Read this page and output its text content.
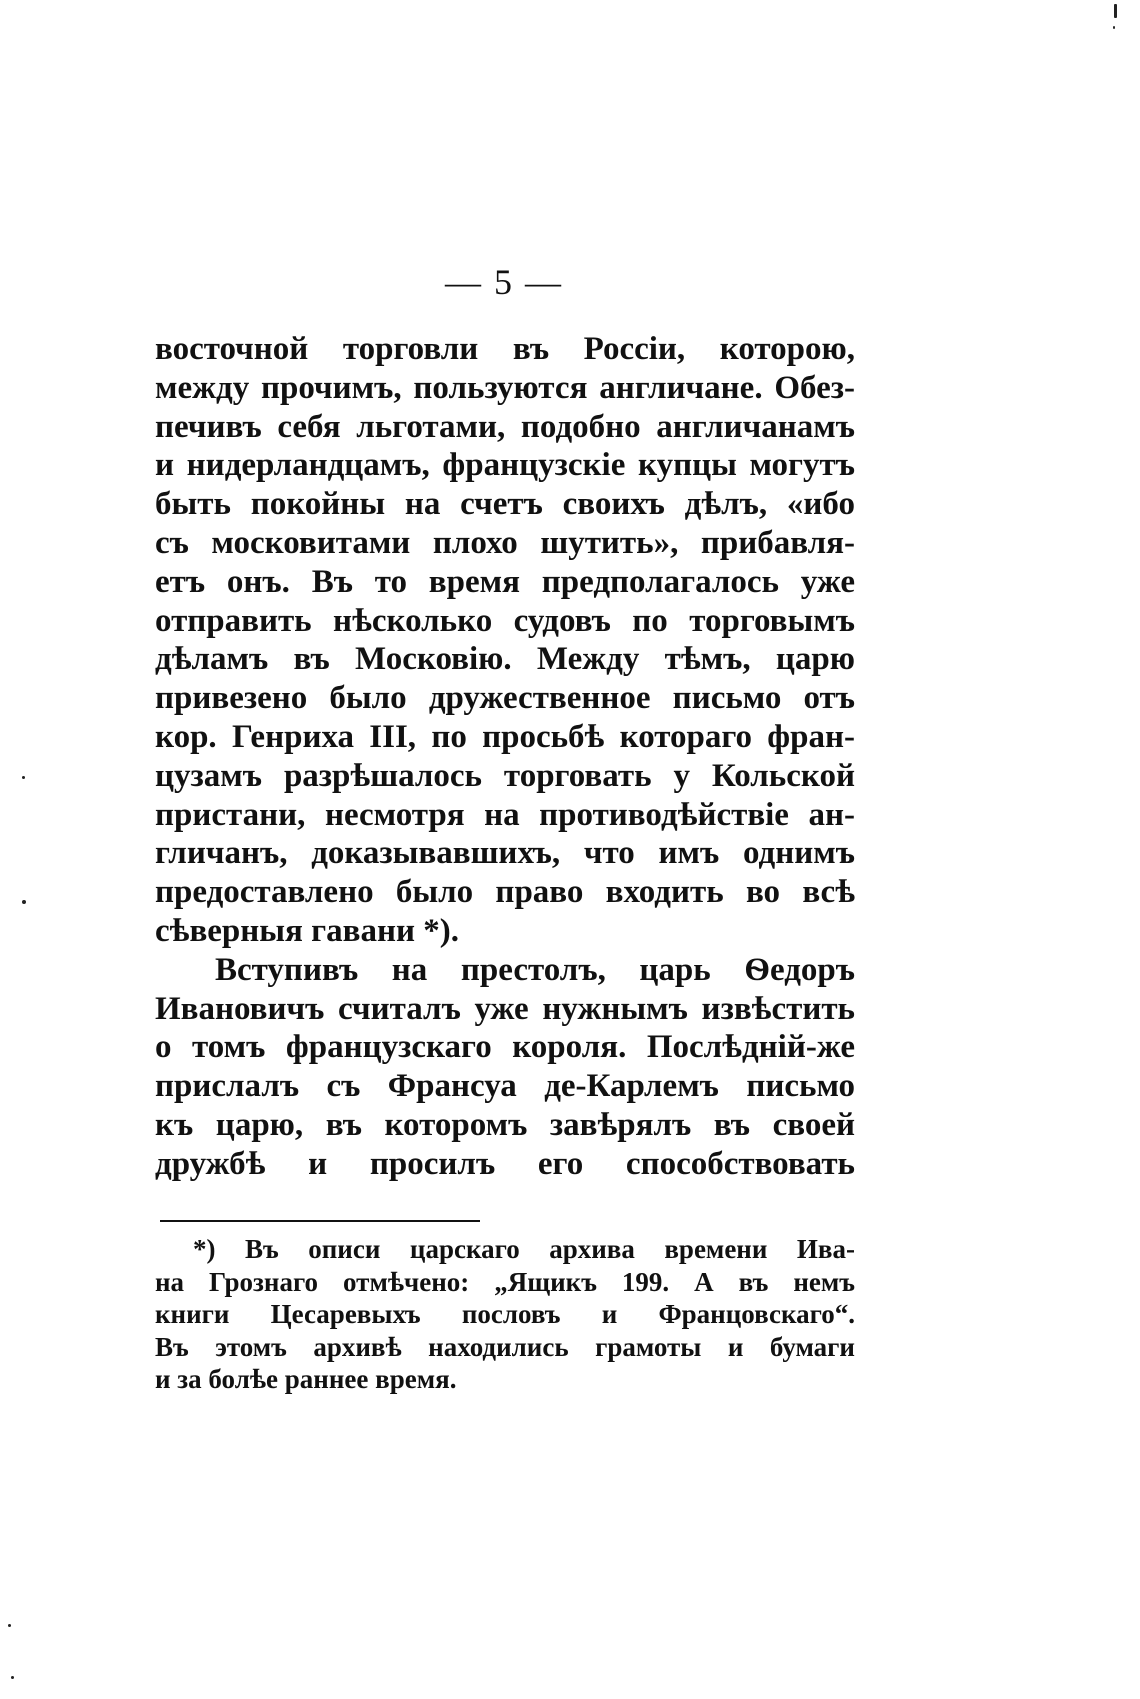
— 5 —
восточной торговли въ Россіи, которою,
между прочимъ, пользуются англичане. Обез-
печивъ себя льготами, подобно англичанамъ
и нидерландцамъ, французскіе купцы могутъ
быть покойны на счетъ своихъ дѣлъ, «ибо
съ московитами плохо шутить», прибавля-
етъ онъ. Въ то время предполагалось уже
отправить нѣсколько судовъ по торговымъ
дѣламъ въ Московію. Между тѣмъ, царю
привезено было дружественное письмо отъ
кор. Генриха III, по просьбѣ котораго фран-
цузамъ разрѣшалось торговать у Кольской
пристани, несмотря на противодѣйствіе ан-
гличанъ, доказывавшихъ, что имъ однимъ
предоставлено было право входить во всѣ
сѣверныя гавани *).
Вступивъ на престолъ, царь Ѳедоръ
Ивановичъ считалъ уже нужнымъ извѣстить
о томъ французскаго короля. Послѣдній-же
прислалъ съ Франсуа де-Карлемъ письмо
къ царю, въ которомъ завѣрялъ въ своей
дружбѣ и просилъ его способствовать
*) Въ описи царскаго архива времени Ива-
на Грознаго отмѣчено: „Ящикъ 199. А въ немъ
книги Цесаревыхъ пословъ и Францовскаго“.
Въ этомъ архивѣ находились грамоты и бумаги
и за болѣе раннее время.
